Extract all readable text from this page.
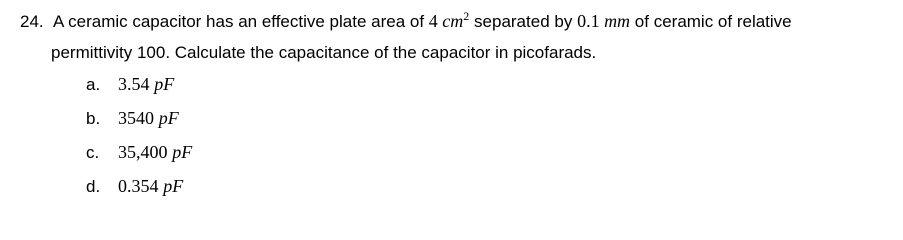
24. A ceramic capacitor has an effective plate area of 4 $cm^2$ separated by 0.1 mm of ceramic of relative
permittivity 100. Calculate the capacitance of the capacitor in picofarads.
a. 3.54 pF
b. 3540 pF
c. 35,400 pF
d. 0.354 pF
